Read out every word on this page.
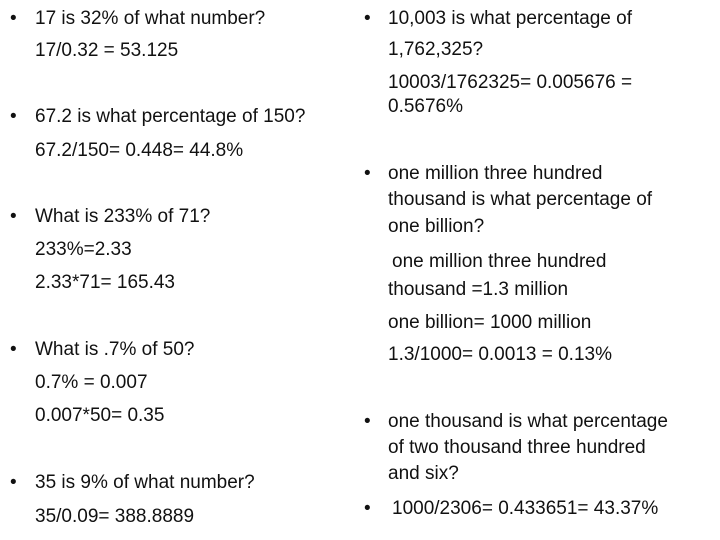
• 17 is 32% of what number?

17/0.32 = 53.125

• 67.2 is what percentage of 150?

67.2/150= 0.448= 44.8%

• What is 233% of 71?

233%=2.33

2.33*71= 165.43

• What is .7% of 50?

0.7% = 0.007

0.007*50= 0.35

• 35 is 9% of what number?

35/0.09= 388.8889

• 10,003 is what percentage of

1,762,325?

10003/1762325= 0.005676 =

0.5676%

• one million three hundred

thousand is what percentage of

one billion?

one million three hundred

thousand =1.3 million

one billion= 1000 million

1.3/1000= 0.0013 = 0.13%

• one thousand is what percentage

of two thousand three hundred

and six?

• 1000/2306= 0.433651= 43.37%
